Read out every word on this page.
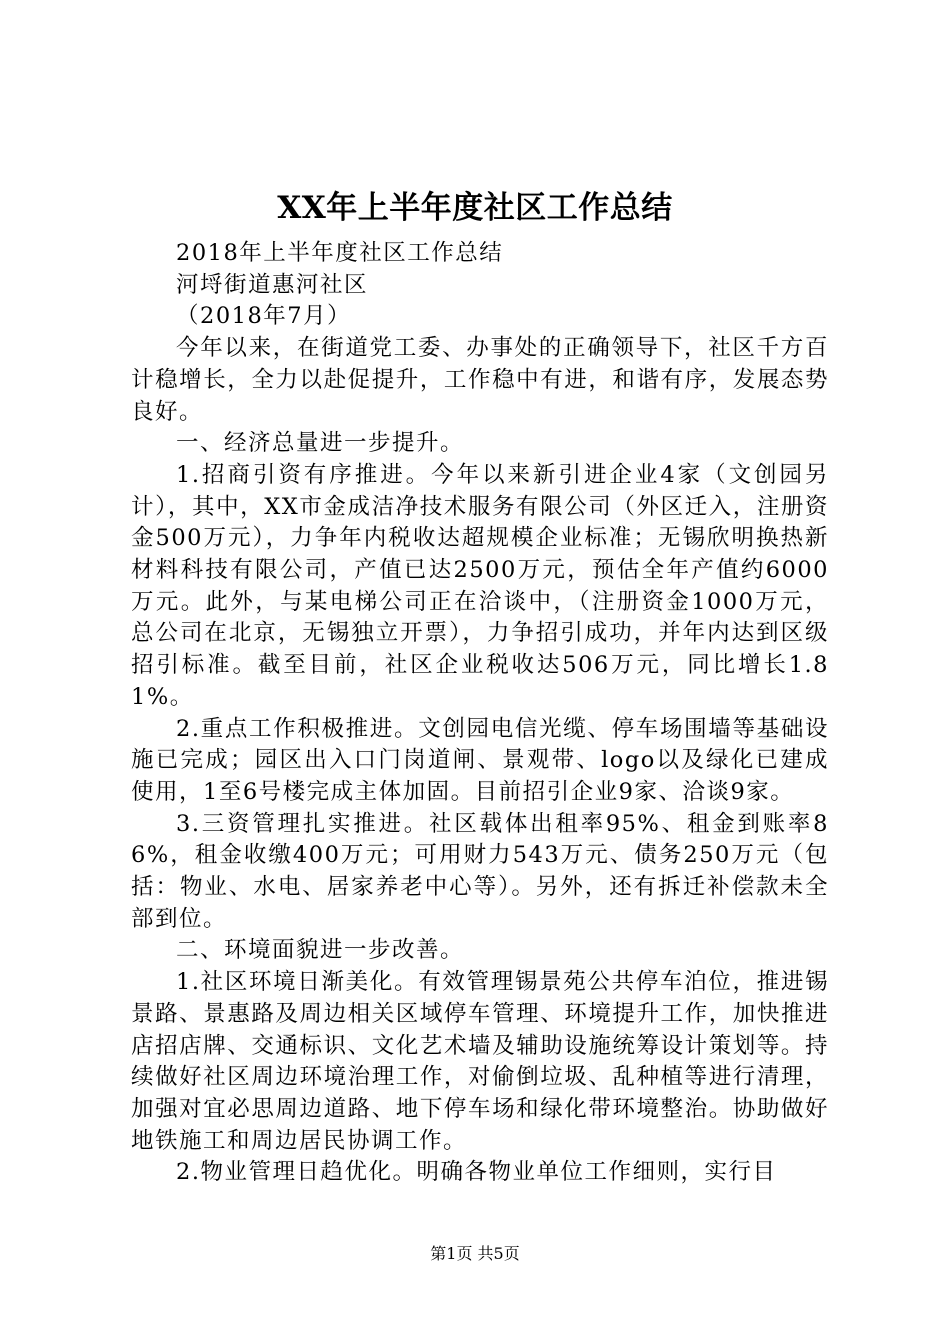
XX年上半年度社区工作总结

2018年上半年度社区工作总结

河埒街道惠河社区

（2018年7月）

今年以来，在街道党工委、办事处的正确领导下，社区千方百计稳增长，全力以赴促提升，工作稳中有进，和谐有序，发展态势良好。

一、经济总量进一步提升。

1.招商引资有序推进。今年以来新引进企业4家（文创园另计），其中，XX市金成洁净技术服务有限公司（外区迁入，注册资金500万元），力争年内税收达超规模企业标准；无锡欣明换热新材料科技有限公司，产值已达2500万元，预估全年产值约6000万元。此外，与某电梯公司正在洽谈中，（注册资金1000万元，总公司在北京，无锡独立开票），力争招引成功，并年内达到区级招引标准。截至目前，社区企业税收达506万元，同比增长1.81%。

2.重点工作积极推进。文创园电信光缆、停车场围墙等基础设施已完成；园区出入口门岗道闸、景观带、logo以及绿化已建成使用，1至6号楼完成主体加固。目前招引企业9家、洽谈9家。

3.三资管理扎实推进。社区载体出租率95%、租金到账率86%，租金收缴400万元；可用财力543万元、债务250万元（包括：物业、水电、居家养老中心等）。另外，还有拆迁补偿款未全部到位。

二、环境面貌进一步改善。

1.社区环境日渐美化。有效管理锡景苑公共停车泊位，推进锡景路、景惠路及周边相关区域停车管理、环境提升工作，加快推进店招店牌、交通标识、文化艺术墙及辅助设施统筹设计策划等。持续做好社区周边环境治理工作，对偷倒垃圾、乱种植等进行清理，加强对宜必思周边道路、地下停车场和绿化带环境整治。协助做好地铁施工和周边居民协调工作。

2.物业管理日趋优化。明确各物业单位工作细则，实行目

第1页 共5页
